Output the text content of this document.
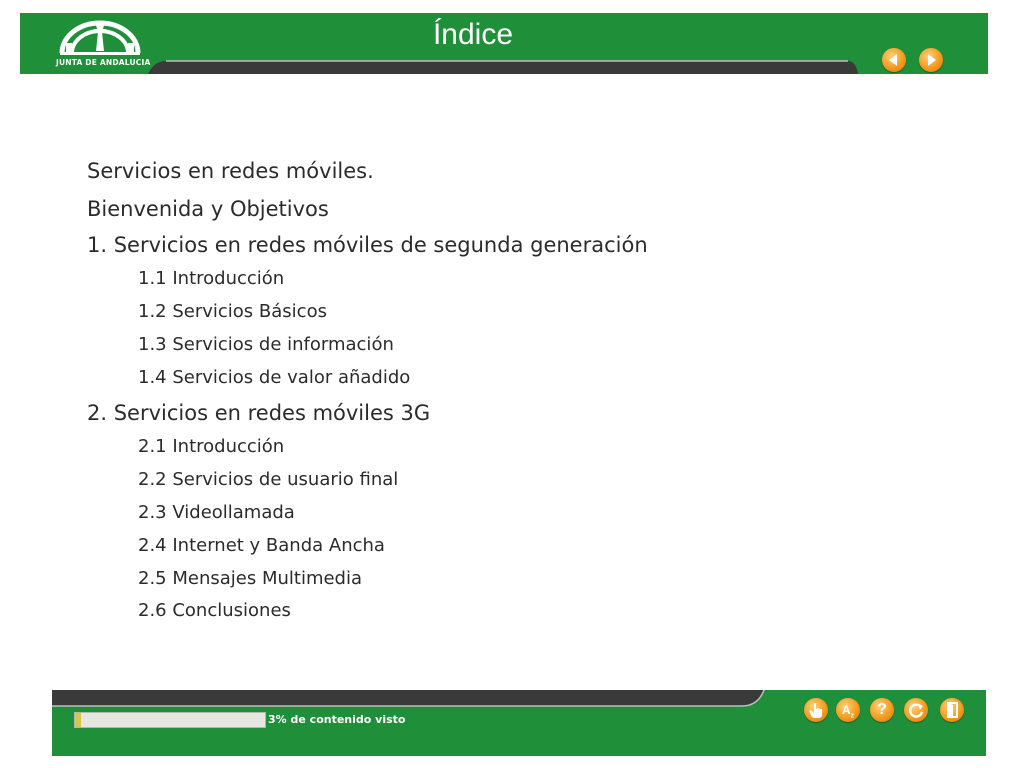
JUNTA DE ANDALUCIA
Índice
Servicios en redes móviles.
Bienvenida y Objetivos
1. Servicios en redes móviles de segunda generación
1.1 Introducción
1.2 Servicios Básicos
1.3 Servicios de información
1.4 Servicios de valor añadido
2. Servicios en redes móviles 3G
2.1 Introducción
2.2 Servicios de usuario final
2.3 Videollamada
2.4 Internet y Banda Ancha
2.5 Mensajes Multimedia
2.6 Conclusiones
3% de contenido visto
$A_z$	?
